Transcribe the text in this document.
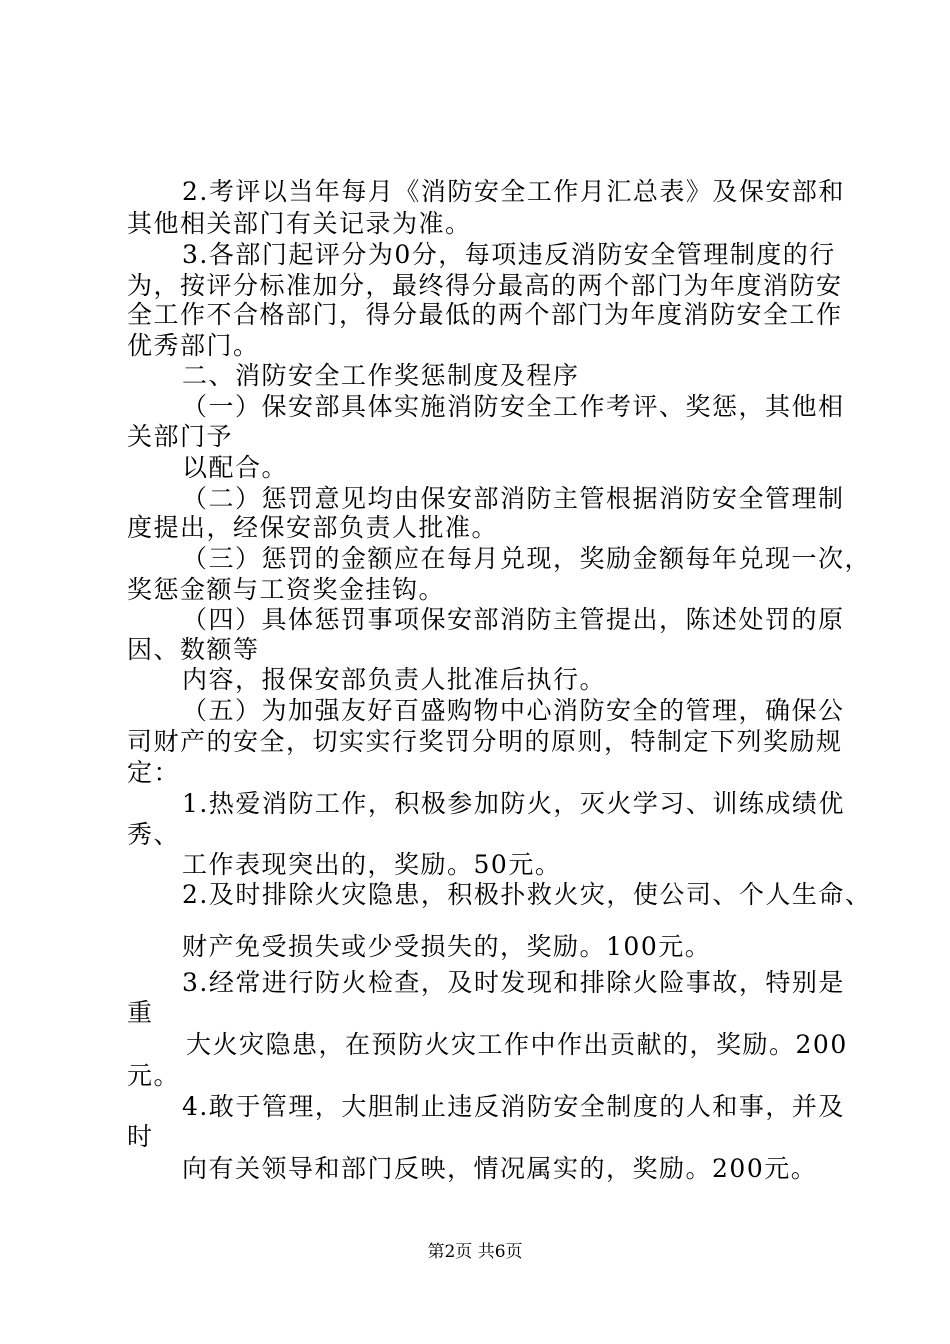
2.考评以当年每月《消防安全工作月汇总表》及保安部和
其他相关部门有关记录为准。
3.各部门起评分为0分，每项违反消防安全管理制度的行
为，按评分标准加分，最终得分最高的两个部门为年度消防安
全工作不合格部门，得分最低的两个部门为年度消防安全工作
优秀部门。
二、消防安全工作奖惩制度及程序
（一）保安部具体实施消防安全工作考评、奖惩，其他相
关部门予
以配合。
（二）惩罚意见均由保安部消防主管根据消防安全管理制
度提出，经保安部负责人批准。
（三）惩罚的金额应在每月兑现，奖励金额每年兑现一次，
奖惩金额与工资奖金挂钩。
（四）具体惩罚事项保安部消防主管提出，陈述处罚的原
因、数额等
内容，报保安部负责人批准后执行。
（五）为加强友好百盛购物中心消防安全的管理，确保公
司财产的安全，切实实行奖罚分明的原则，特制定下列奖励规
定：
1.热爱消防工作，积极参加防火，灭火学习、训练成绩优
秀、
工作表现突出的，奖励。50元。
2.及时排除火灾隐患，积极扑救火灾，使公司、个人生命、
财产免受损失或少受损失的，奖励。100元。
3.经常进行防火检查，及时发现和排除火险事故，特别是
重
大火灾隐患，在预防火灾工作中作出贡献的，奖励。200
元。
4.敢于管理，大胆制止违反消防安全制度的人和事，并及
时
向有关领导和部门反映，情况属实的，奖励。200元。
第2页 共6页
